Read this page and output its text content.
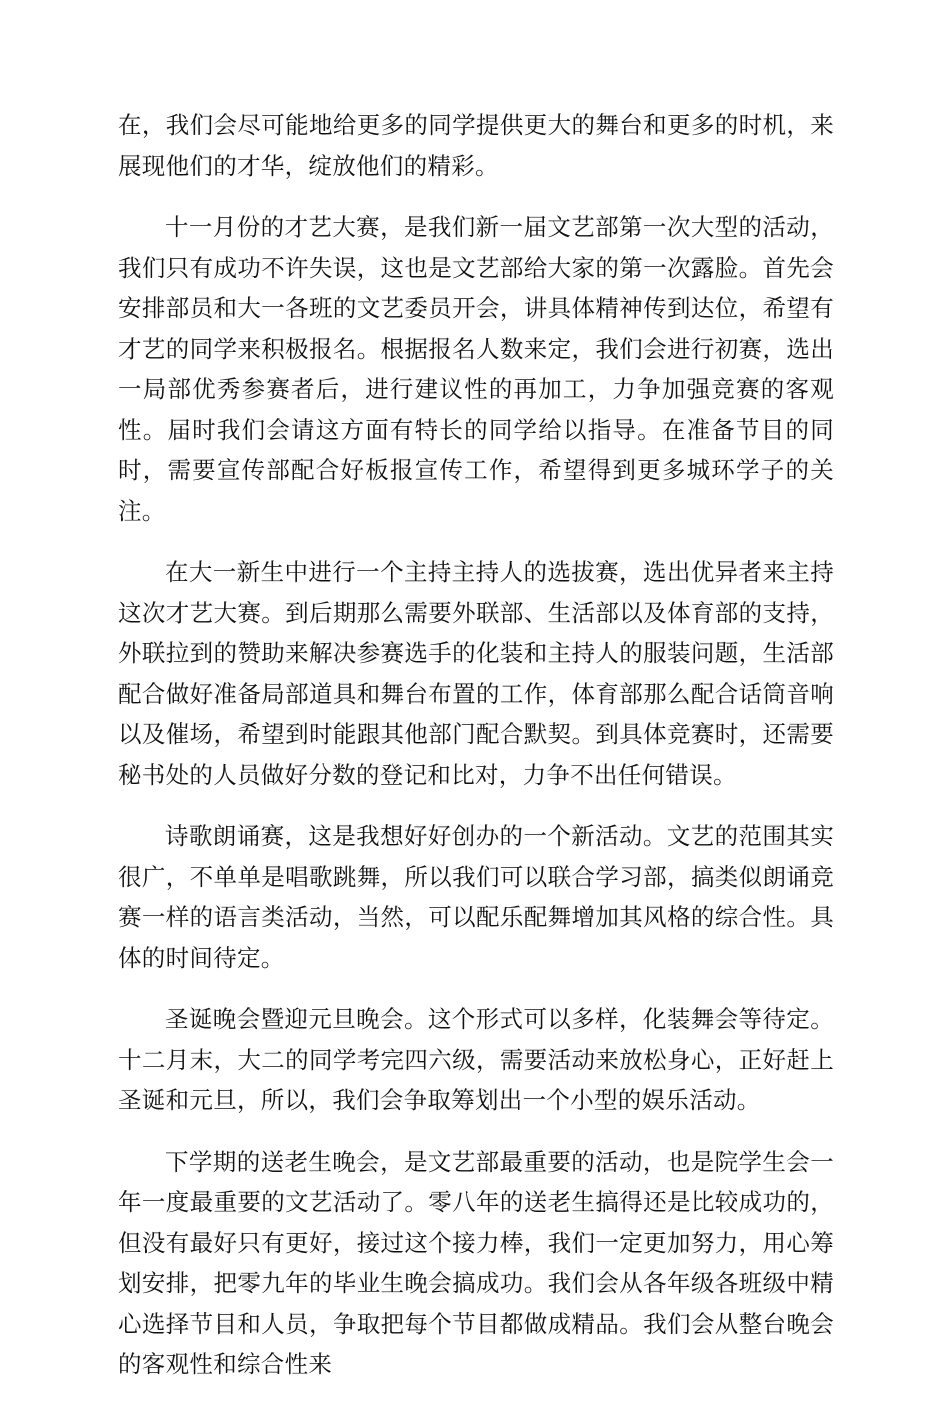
在，我们会尽可能地给更多的同学提供更大的舞台和更多的时机，来展现他们的才华，绽放他们的精彩。

十一月份的才艺大赛，是我们新一届文艺部第一次大型的活动，我们只有成功不许失误，这也是文艺部给大家的第一次露脸。首先会安排部员和大一各班的文艺委员开会，讲具体精神传到达位，希望有才艺的同学来积极报名。根据报名人数来定，我们会进行初赛，选出一局部优秀参赛者后，进行建议性的再加工，力争加强竞赛的客观性。届时我们会请这方面有特长的同学给以指导。在准备节目的同时，需要宣传部配合好板报宣传工作，希望得到更多城环学子的关注。

在大一新生中进行一个主持主持人的选拔赛，选出优异者来主持这次才艺大赛。到后期那么需要外联部、生活部以及体育部的支持，外联拉到的赞助来解决参赛选手的化装和主持人的服装问题，生活部配合做好准备局部道具和舞台布置的工作，体育部那么配合话筒音响以及催场，希望到时能跟其他部门配合默契。到具体竞赛时，还需要秘书处的人员做好分数的登记和比对，力争不出任何错误。

诗歌朗诵赛，这是我想好好创办的一个新活动。文艺的范围其实很广，不单单是唱歌跳舞，所以我们可以联合学习部，搞类似朗诵竞赛一样的语言类活动，当然，可以配乐配舞增加其风格的综合性。具体的时间待定。

圣诞晚会暨迎元旦晚会。这个形式可以多样，化装舞会等待定。十二月末，大二的同学考完四六级，需要活动来放松身心，正好赶上圣诞和元旦，所以，我们会争取筹划出一个小型的娱乐活动。

下学期的送老生晚会，是文艺部最重要的活动，也是院学生会一年一度最重要的文艺活动了。零八年的送老生搞得还是比较成功的，但没有最好只有更好，接过这个接力棒，我们一定更加努力，用心筹划安排，把零九年的毕业生晚会搞成功。我们会从各年级各班级中精心选择节目和人员，争取把每个节目都做成精品。我们会从整台晚会的客观性和综合性来
